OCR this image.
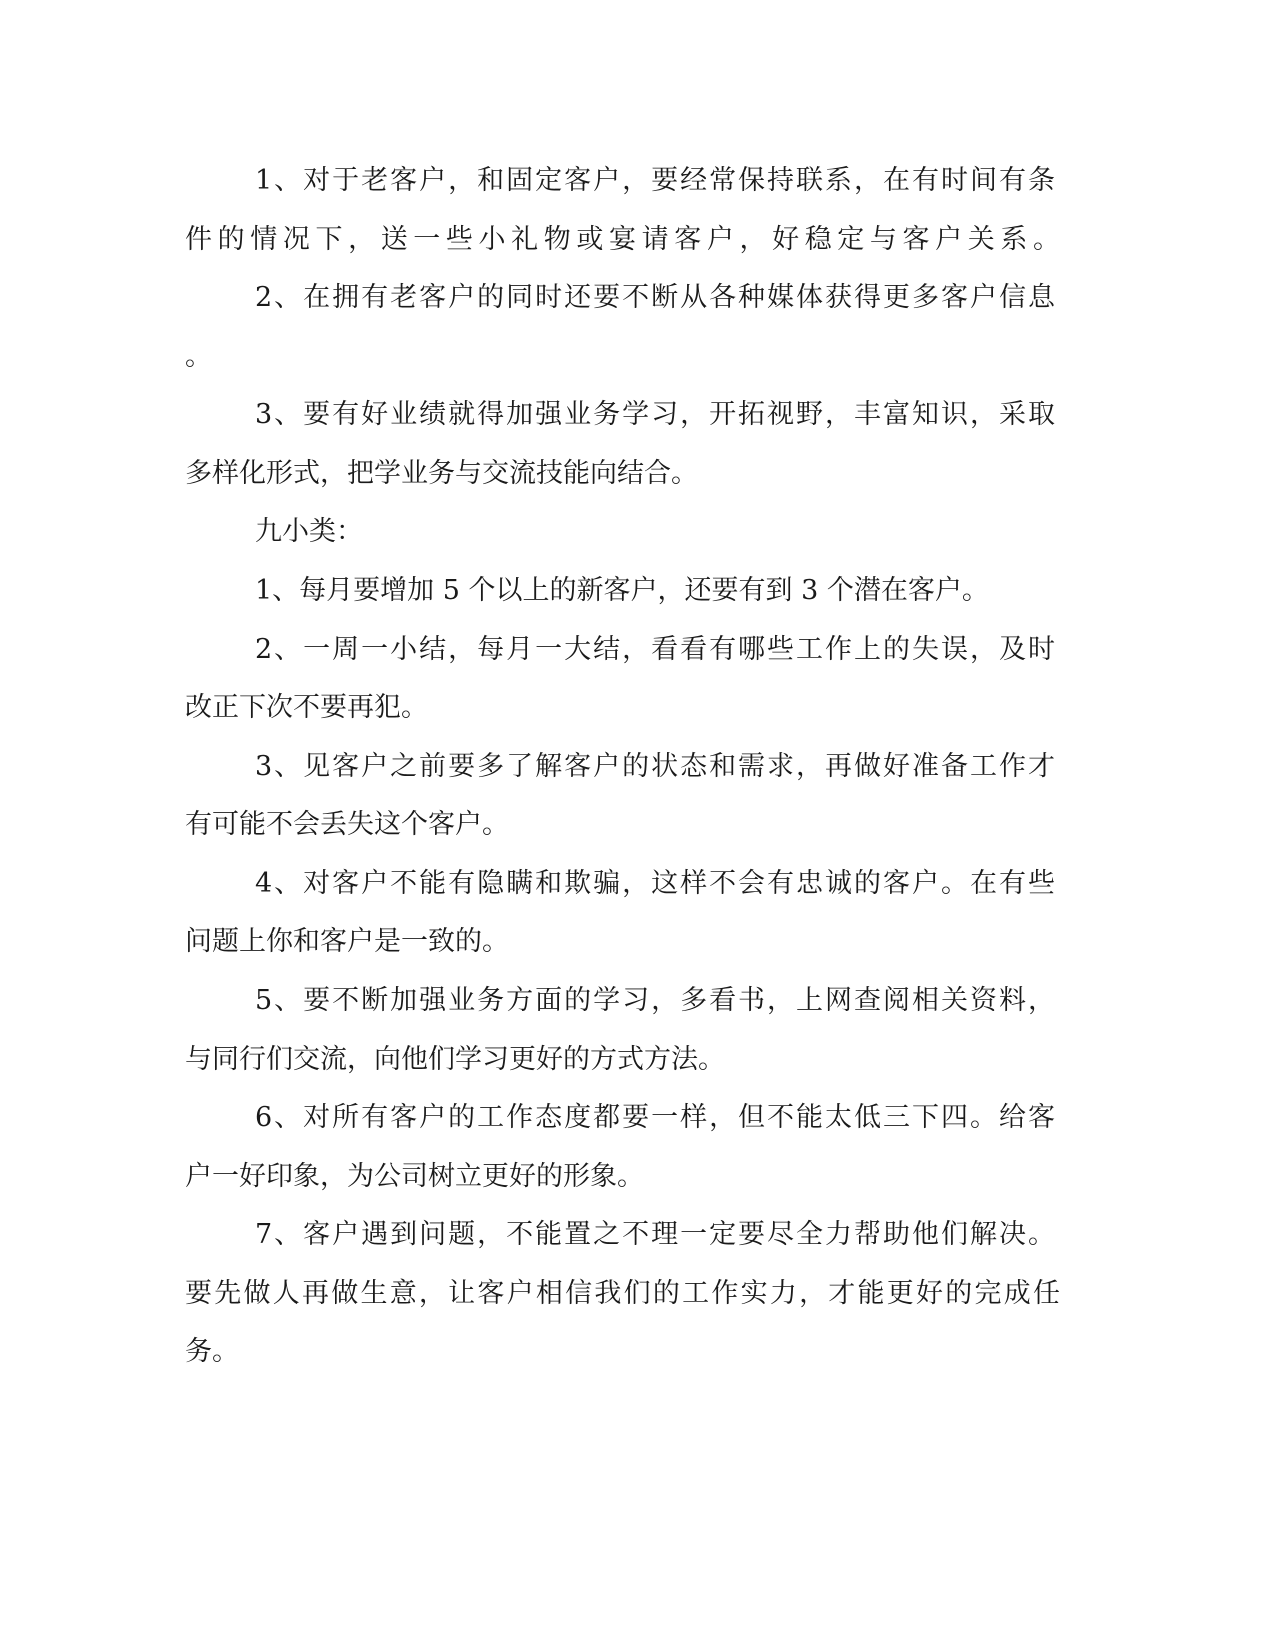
1、对于老客户，和固定客户，要经常保持联系，在有时间有条
件的情况下，送一些小礼物或宴请客户，好稳定与客户关系。
2、在拥有老客户的同时还要不断从各种媒体获得更多客户信息
。
3、要有好业绩就得加强业务学习，开拓视野，丰富知识，采取
多样化形式，把学业务与交流技能向结合。
九小类：
1、每月要增加 5 个以上的新客户，还要有到 3 个潜在客户。
2、一周一小结，每月一大结，看看有哪些工作上的失误，及时
改正下次不要再犯。
3、见客户之前要多了解客户的状态和需求，再做好准备工作才
有可能不会丢失这个客户。
4、对客户不能有隐瞒和欺骗，这样不会有忠诚的客户。在有些
问题上你和客户是一致的。
5、要不断加强业务方面的学习，多看书，上网查阅相关资料，
与同行们交流，向他们学习更好的方式方法。
6、对所有客户的工作态度都要一样，但不能太低三下四。给客
户一好印象，为公司树立更好的形象。
7、客户遇到问题，不能置之不理一定要尽全力帮助他们解决。
要先做人再做生意，让客户相信我们的工作实力，才能更好的完成任
务。
